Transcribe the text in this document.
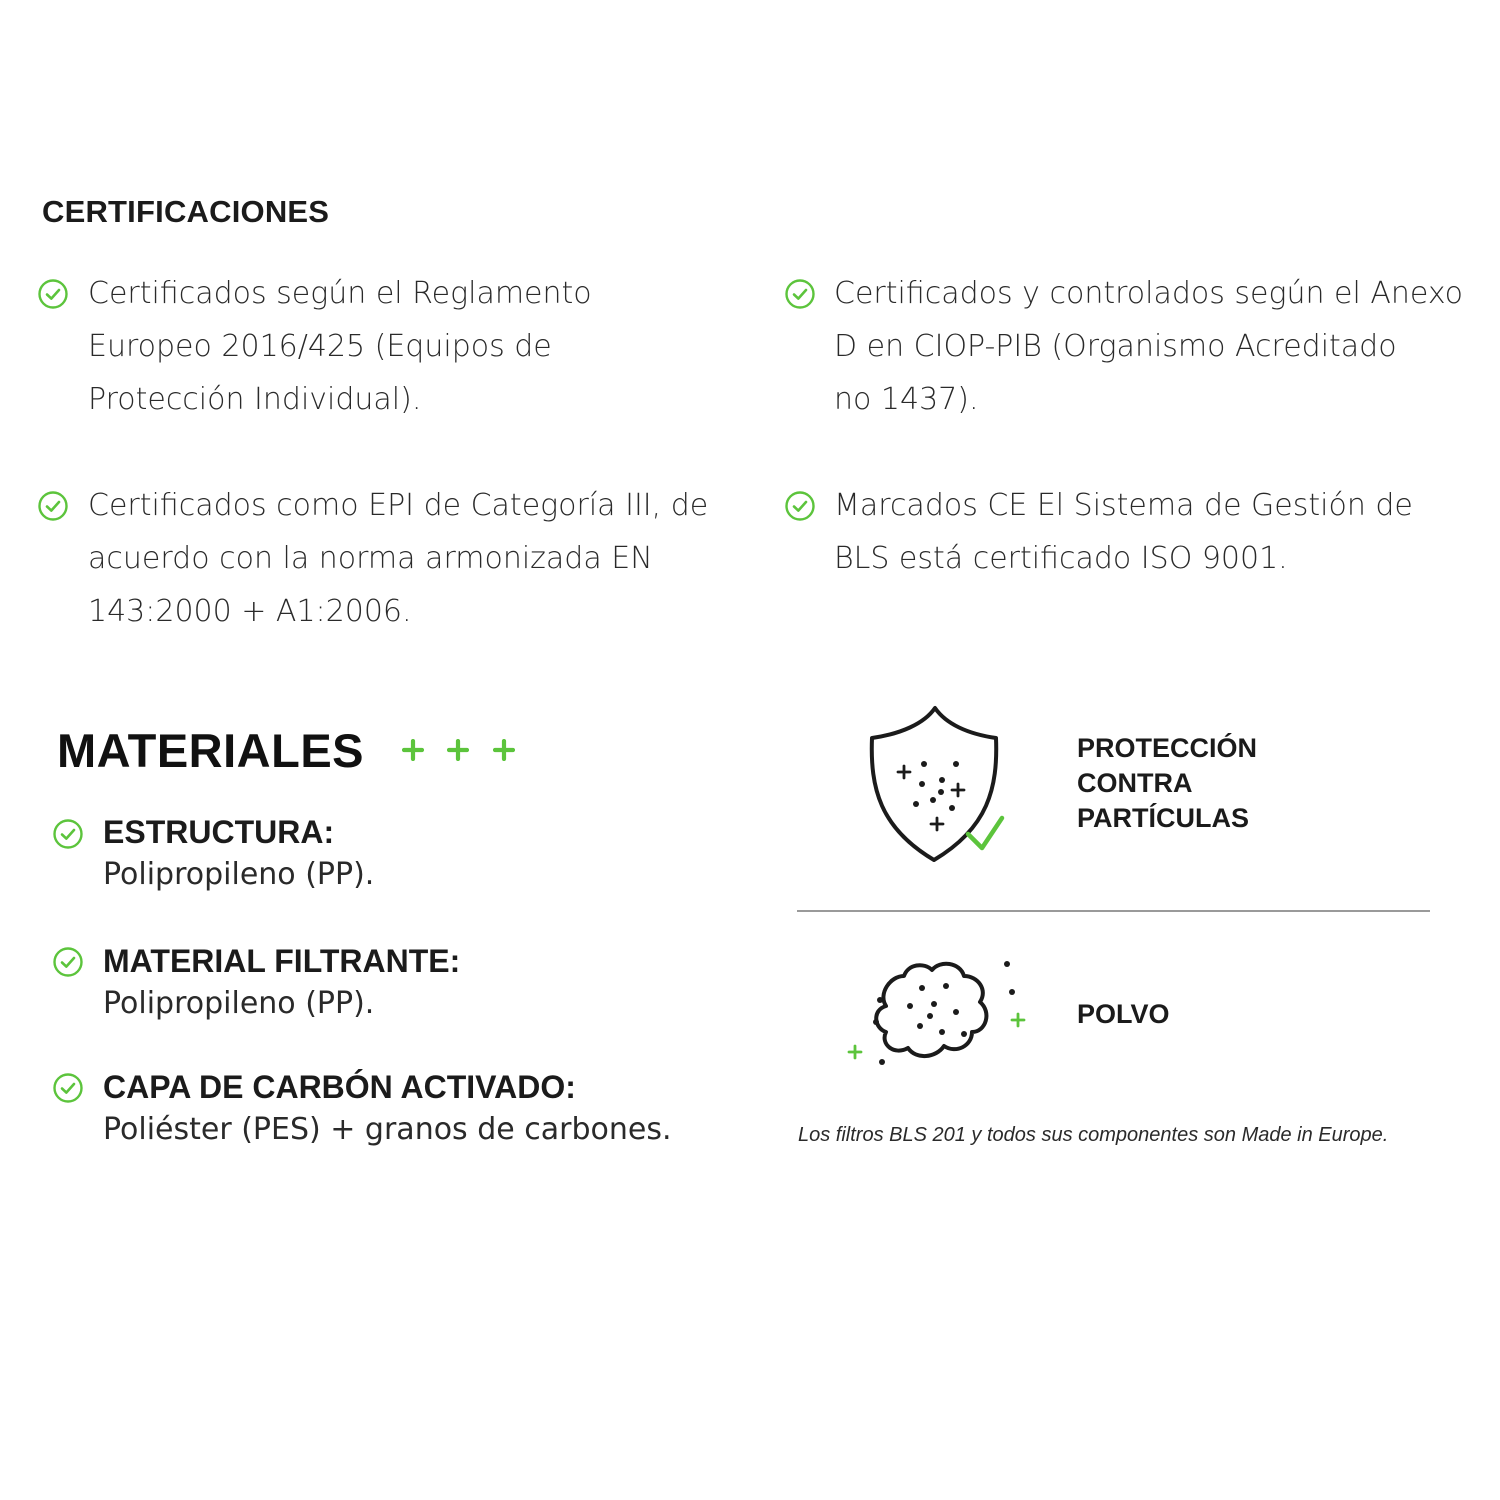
CERTIFICACIONES
Certificados según el Reglamento
Europeo 2016/425 (Equipos de
Protección Individual).
Certificados y controlados según el Anexo
D en CIOP-PIB (Organismo Acreditado
no 1437).
Certificados como EPI de Categoría III, de
acuerdo con la norma armonizada EN
143:2000 + A1:2006.
Marcados CE El Sistema de Gestión de
BLS está certificado ISO 9001.
MATERIALES

ESTRUCTURA:

Polipropileno (PP).

MATERIAL FILTRANTE:

Polipropileno (PP).

CAPA DE CARBÓN ACTIVADO:

Poliéster (PES) + granos de carbones.

PROTECCIÓN
CONTRA
PARTÍCULAS

POLVO

Los filtros BLS 201 y todos sus componentes son Made in Europe.
